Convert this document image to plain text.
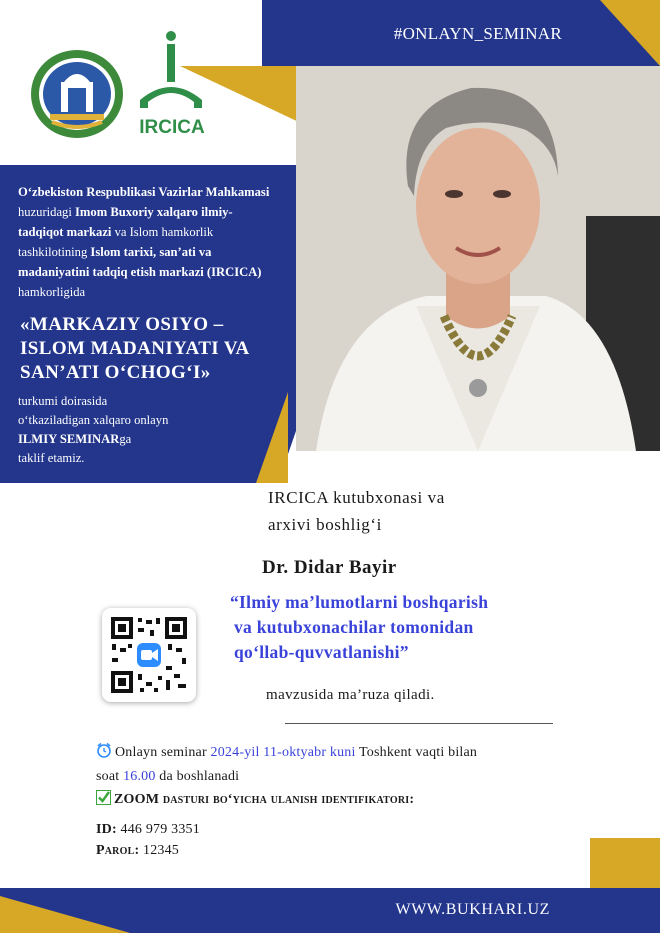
#ONLAYN_SEMINAR
IRCICA
O‘zbekiston Respublikasi Vazirlar Mahkamasi
huzuridagi Imom Buxoriy xalqaro ilmiy-
tadqiqot markazi va Islom hamkorlik
tashkilotining Islom tarixi, san’ati va
madaniyatini tadqiq etish markazi (IRCICA)
hamkorligida
«MARKAZIY OSIYO –
ISLOM MADANIYATI VA
SAN’ATI O‘CHOG‘I»
turkumi doirasida
o‘tkaziladigan xalqaro onlayn
ILMIY SEMINARga
taklif etamiz.
IRCICA kutubxonasi va
arxivi boshlig‘i
Dr. Didar Bayir
“Ilmiy ma’lumotlarni boshqarish
va kutubxonachilar tomonidan
qo‘llab-quvvatlanishi”
mavzusida ma’ruza qiladi.
Onlayn seminar 2024-yil 11-oktyabr kuni Toshkent vaqti bilan
soat 16.00 da boshlanadi
ZOOM dasturi bo‘yicha ulanish identifikatori:
ID: 446 979 3351
Parol: 12345
WWW.BUKHARI.UZ
